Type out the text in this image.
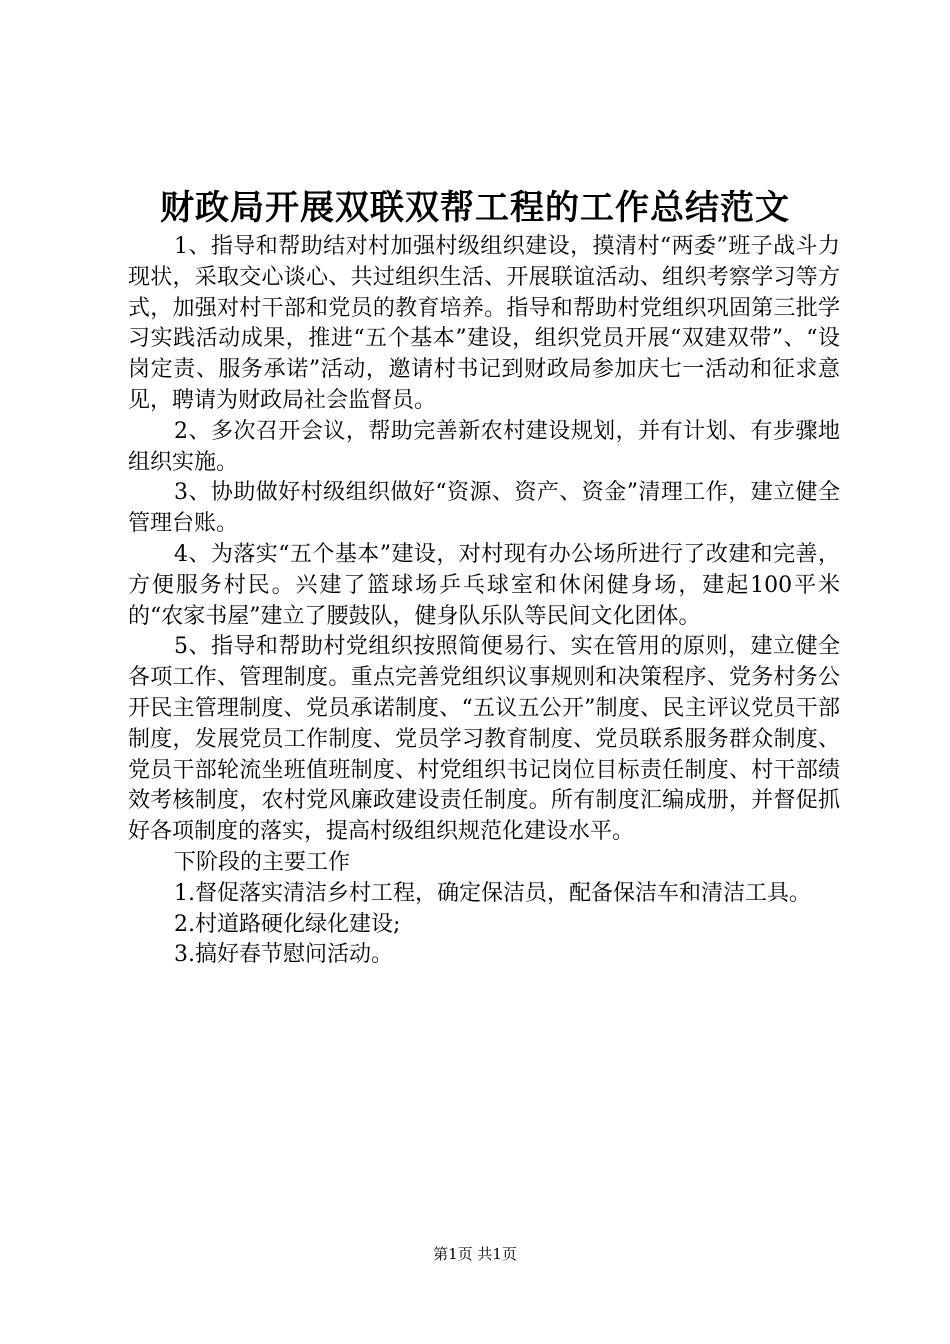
财政局开展双联双帮工程的工作总结范文

1、指导和帮助结对村加强村级组织建设，摸清村“两委”班子战斗力现状，采取交心谈心、共过组织生活、开展联谊活动、组织考察学习等方式，加强对村干部和党员的教育培养。指导和帮助村党组织巩固第三批学习实践活动成果，推进“五个基本”建设，组织党员开展“双建双带”、“设岗定责、服务承诺”活动，邀请村书记到财政局参加庆七一活动和征求意见，聘请为财政局社会监督员。

2、多次召开会议，帮助完善新农村建设规划，并有计划、有步骤地组织实施。

3、协助做好村级组织做好“资源、资产、资金”清理工作，建立健全管理台账。

4、为落实“五个基本”建设，对村现有办公场所进行了改建和完善，方便服务村民。兴建了篮球场乒乓球室和休闲健身场，建起100平米的“农家书屋”建立了腰鼓队，健身队乐队等民间文化团体。

5、指导和帮助村党组织按照简便易行、实在管用的原则，建立健全各项工作、管理制度。重点完善党组织议事规则和决策程序、党务村务公开民主管理制度、党员承诺制度、“五议五公开”制度、民主评议党员干部制度，发展党员工作制度、党员学习教育制度、党员联系服务群众制度、党员干部轮流坐班值班制度、村党组织书记岗位目标责任制度、村干部绩效考核制度，农村党风廉政建设责任制度。所有制度汇编成册，并督促抓好各项制度的落实，提高村级组织规范化建设水平。

下阶段的主要工作

1.督促落实清洁乡村工程，确定保洁员，配备保洁车和清洁工具。

2.村道路硬化绿化建设;

3.搞好春节慰问活动。

第1页 共1页
